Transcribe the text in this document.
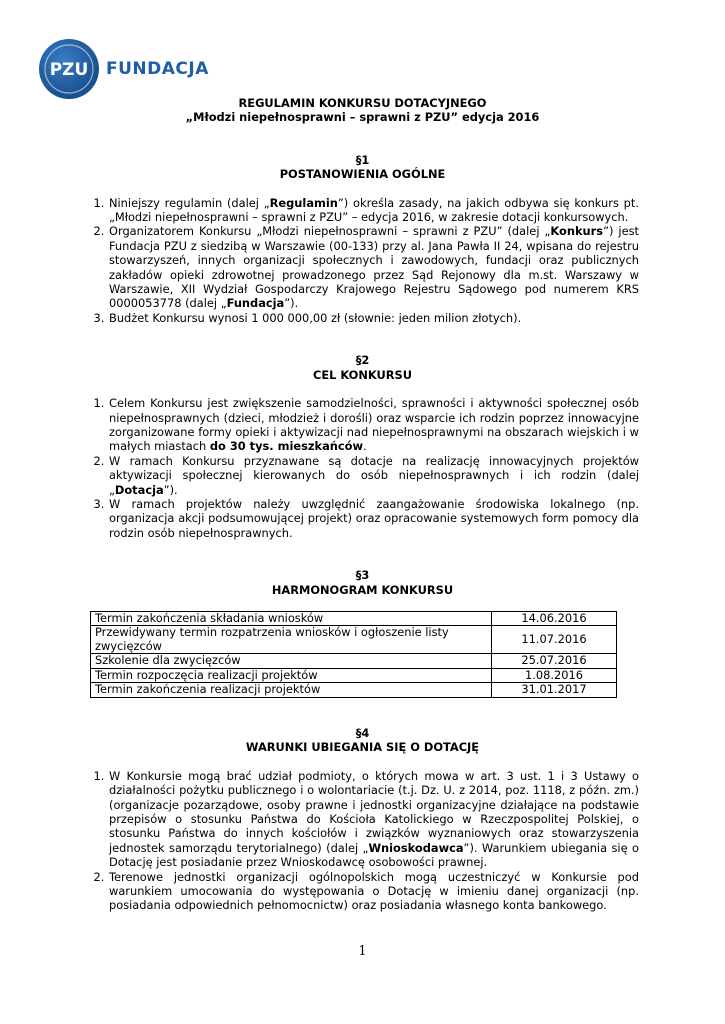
PZU FUNDACJA
REGULAMIN KONKURSU DOTACYJNEGO
„Młodzi niepełnosprawni – sprawni z PZU” edycja 2016
§1
POSTANOWIENIA OGÓLNE
1. Niniejszy regulamin (dalej „Regulamin”) określa zasady, na jakich odbywa się konkurs pt. „Młodzi niepełnosprawni – sprawni z PZU” – edycja 2016, w zakresie dotacji konkursowych.
2. Organizatorem Konkursu „Młodzi niepełnosprawni – sprawni z PZU” (dalej „Konkurs”) jest Fundacja PZU z siedzibą w Warszawie (00-133) przy al. Jana Pawła II 24, wpisana do rejestru stowarzyszeń, innych organizacji społecznych i zawodowych, fundacji oraz publicznych zakładów opieki zdrowotnej prowadzonego przez Sąd Rejonowy dla m.st. Warszawy w Warszawie, XII Wydział Gospodarczy Krajowego Rejestru Sądowego pod numerem KRS 0000053778 (dalej „Fundacja”).
3. Budżet Konkursu wynosi 1 000 000,00 zł (słownie: jeden milion złotych).
§2
CEL KONKURSU
1. Celem Konkursu jest zwiększenie samodzielności, sprawności i aktywności społecznej osób niepełnosprawnych (dzieci, młodzież i dorośli) oraz wsparcie ich rodzin poprzez innowacyjne zorganizowane formy opieki i aktywizacji nad niepełnosprawnymi na obszarach wiejskich i w małych miastach do 30 tys. mieszkańców.
2. W ramach Konkursu przyznawane są dotacje na realizację innowacyjnych projektów aktywizacji społecznej kierowanych do osób niepełnosprawnych i ich rodzin (dalej „Dotacja”).
3. W ramach projektów należy uwzględnić zaangażowanie środowiska lokalnego (np. organizacja akcji podsumowującej projekt) oraz opracowanie systemowych form pomocy dla rodzin osób niepełnosprawnych.
§3
HARMONOGRAM KONKURSU
Termin zakończenia składania wniosków	14.06.2016
Przewidywany termin rozpatrzenia wniosków i ogłoszenie listy zwycięzców	11.07.2016
Szkolenie dla zwycięzców	25.07.2016
Termin rozpoczęcia realizacji projektów	1.08.2016
Termin zakończenia realizacji projektów	31.01.2017
§4
WARUNKI UBIEGANIA SIĘ O DOTACJĘ
1. W Konkursie mogą brać udział podmioty, o których mowa w art. 3 ust. 1 i 3 Ustawy o działalności pożytku publicznego i o wolontariacie (t.j. Dz. U. z 2014, poz. 1118, z późn. zm.) (organizacje pozarządowe, osoby prawne i jednostki organizacyjne działające na podstawie przepisów o stosunku Państwa do Kościoła Katolickiego w Rzeczpospolitej Polskiej, o stosunku Państwa do innych kościołów i związków wyznaniowych oraz stowarzyszenia jednostek samorządu terytorialnego) (dalej „Wnioskodawca”). Warunkiem ubiegania się o Dotację jest posiadanie przez Wnioskodawcę osobowości prawnej.
2. Terenowe jednostki organizacji ogólnopolskich mogą uczestniczyć w Konkursie pod warunkiem umocowania do występowania o Dotację w imieniu danej organizacji (np. posiadania odpowiednich pełnomocnictw) oraz posiadania własnego konta bankowego.
1
